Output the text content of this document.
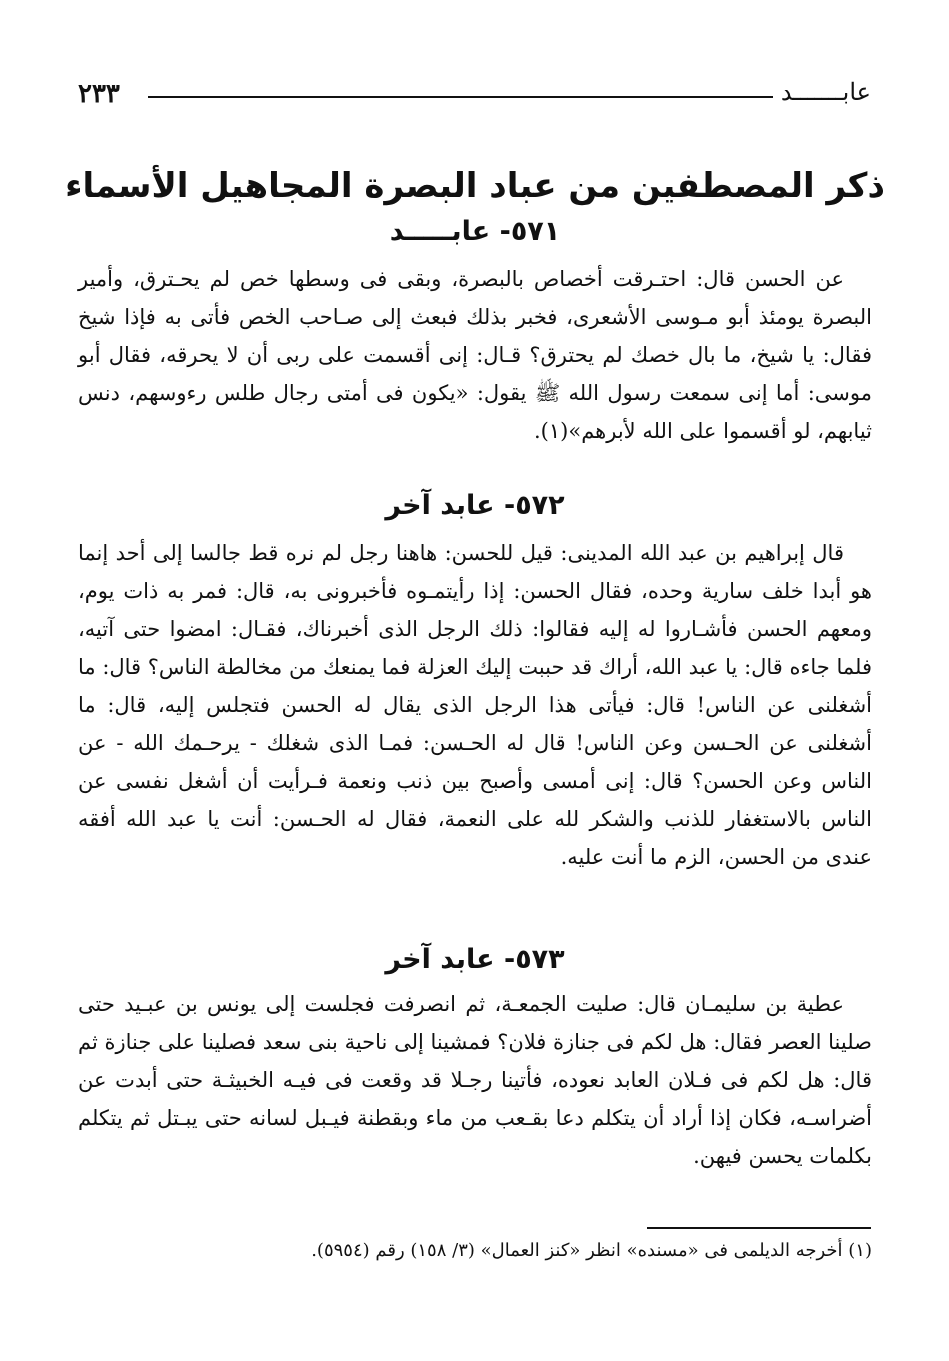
عابـــــــد
٢٣٣
ذكر المصطفين من عباد البصرة المجاهيل الأسماء
٥٧١- عابـــــد

عن الحسن قال: احتـرقت أخصاص بالبصرة، وبقى فى وسطها خص لم يحـترق، وأمير البصرة يومئذ أبو مـوسى الأشعرى، فخبر بذلك فبعث إلى صـاحب الخص فأتى به فإذا شيخ فقال: يا شيخ، ما بال خصك لم يحترق؟ قـال: إنى أقسمت على ربى أن لا يحرقه، فقال أبو موسى: أما إنى سمعت رسول الله ﷺ يقول: «يكون فى أمتى رجال طلس رءوسهم، دنس ثيابهم، لو أقسموا على الله لأبرهم»(١).

٥٧٢- عابد آخر

قال إبراهيم بن عبد الله المدينى: قيل للحسن: هاهنا رجل لم نره قط جالسا إلى أحد إنما هو أبدا خلف سارية وحده، فقال الحسن: إذا رأيتمـوه فأخبرونى به، قال: فمر به ذات يوم، ومعهم الحسن فأشـاروا له إليه فقالوا: ذلك الرجل الذى أخبرناك، فقـال: امضوا حتى آتيه، فلما جاءه قال: يا عبد الله، أراك قد حببت إليك العزلة فما يمنعك من مخالطة الناس؟ قال: ما أشغلنى عن الناس! قال: فيأتى هذا الرجل الذى يقال له الحسن فتجلس إليه، قال: ما أشغلنى عن الحـسن وعن الناس! قال له الحـسن: فمـا الذى شغلك - يرحـمك الله - عن الناس وعن الحسن؟ قال: إنى أمسى وأصبح بين ذنب ونعمة فـرأيت أن أشغل نفسى عن الناس بالاستغفار للذنب والشكر لله على النعمة، فقال له الحـسن: أنت يا عبد الله أفقه عندى من الحسن، الزم ما أنت عليه.

٥٧٣- عابد آخر

عطية بن سليمـان قال: صليت الجمعـة، ثم انصرفت فجلست إلى يونس بن عبـيد حتى صلينا العصر فقال: هل لكم فى جنازة فلان؟ فمشينا إلى ناحية بنى سعد فصلينا على جنازة ثم قال: هل لكم فى فـلان العابد نعوده، فأتينا رجـلا قد وقعت فى فيـه الخبيثـة حتى أبدت عن أضراسـه، فكان إذا أراد أن يتكلم دعا بقـعب من ماء وبقطنة فيـبل لسانه حتى يبـتل ثم يتكلم بكلمات يحسن فيهن.

(١) أخرجه الديلمى فى «مسنده» انظر «كنز العمال» (٣/ ١٥٨) رقم (٥٩٥٤).
